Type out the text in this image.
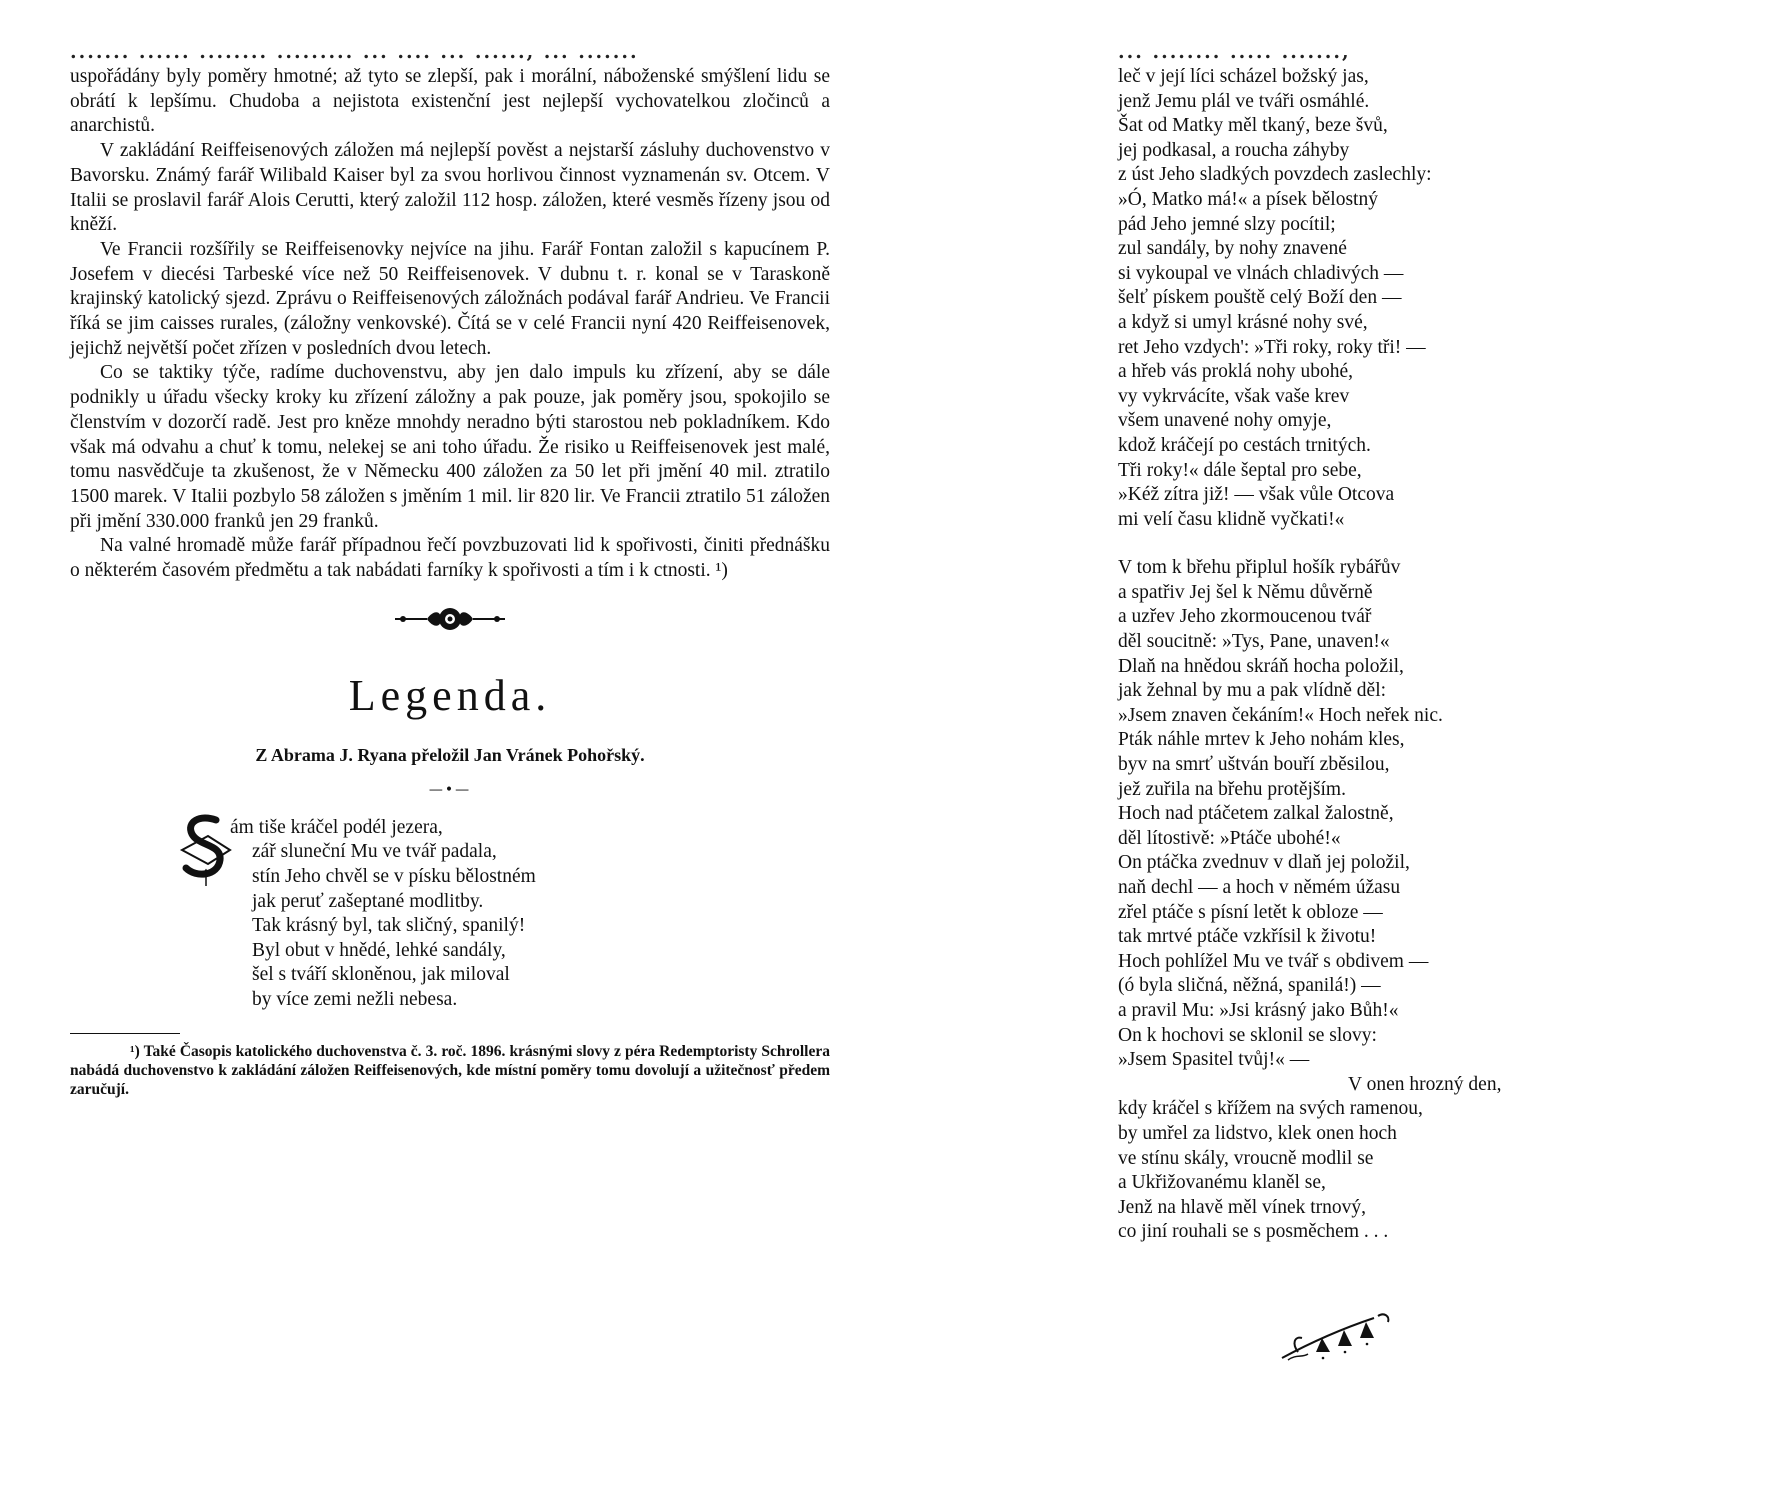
....... ...... ........ ......... ... .... ... ......, ... .......

uspořádány byly poměry hmotné; až tyto se zlepší, pak i morální, náboženské smýšlení lidu se obrátí k lepšímu. Chudoba a nejistota existenční jest nejlepší vychovatelkou zločinců a anarchistů.

V zakládání Reiffeisenových záložen má nejlepší pověst a nejstarší zásluhy duchovenstvo v Bavorsku. Známý farář Wilibald Kaiser byl za svou horlivou činnost vyznamenán sv. Otcem. V Italii se proslavil farář Alois Cerutti, který založil 112 hosp. záložen, které vesměs řízeny jsou od kněží.

Ve Francii rozšířily se Reiffeisenovky nejvíce na jihu. Farář Fontan založil s kapucínem P. Josefem v diecési Tarbeské více než 50 Reiffeisenovek. V dubnu t. r. konal se v Taraskoně krajinský katolický sjezd. Zprávu o Reiffeisenových záložnách podával farář Andrieu. Ve Francii říká se jim caisses rurales, (záložny venkovské). Čítá se v celé Francii nyní 420 Reiffeisenovek, jejichž největší počet zřízen v posledních dvou letech.

Co se taktiky týče, radíme duchovenstvu, aby jen dalo impuls ku zřízení, aby se dále podnikly u úřadu všecky kroky ku zřízení záložny a pak pouze, jak poměry jsou, spokojilo se členstvím v dozorčí radě. Jest pro kněze mnohdy neradno býti starostou neb pokladníkem. Kdo však má odvahu a chuť k tomu, nelekej se ani toho úřadu. Že risiko u Reiffeisenovek jest malé, tomu nasvědčuje ta zkušenost, že v Německu 400 záložen za 50 let při jmění 40 mil. ztratilo 1500 marek. V Italii pozbylo 58 záložen s jměním 1 mil. lir 820 lir. Ve Francii ztratilo 51 záložen při jmění 330.000 franků jen 29 franků.

Na valné hromadě může farář případnou řečí povzbuzovati lid k spořivosti, činiti přednášku o některém časovém předmětu a tak nabádati farníky k spořivosti a tím i k ctnosti. ¹)

Legenda.

Z Abrama J. Ryana přeložil Jan Vránek Pohořský.

—•—

ám tiše kráčel podél jezera,
zář sluneční Mu ve tvář padala,
stín Jeho chvěl se v písku bělostném
jak peruť zašeptané modlitby.
Tak krásný byl, tak sličný, spanilý!
Byl obut v hnědé, lehké sandály,
šel s tváří skloněnou, jak miloval
by více zemi nežli nebesa.

¹) Také Časopis katolického duchovenstva č. 3. roč. 1896. krásnými slovy z péra Redemptoristy Schrollera nabádá duchovenstvo k zakládání záložen Reiffeisenových, kde místní poměry tomu dovolují a užitečnosť předem zaručují.

... ........ ..... .......,
leč v její líci scházel božský jas,
jenž Jemu plál ve tváři osmáhlé.
Šat od Matky měl tkaný, beze švů,
jej podkasal, a roucha záhyby
z úst Jeho sladkých povzdech zaslechly:
»Ó, Matko má!« a písek bělostný
pád Jeho jemné slzy pocítil;
zul sandály, by nohy znavené
si vykoupal ve vlnách chladivých —
šelť pískem pouště celý Boží den —
a když si umyl krásné nohy své,
ret Jeho vzdych': »Tři roky, roky tři! —
a hřeb vás proklá nohy ubohé,
vy vykrvácíte, však vaše krev
všem unavené nohy omyje,
kdož kráčejí po cestách trnitých.
Tři roky!« dále šeptal pro sebe,
»Kéž zítra již! — však vůle Otcova
mi velí času klidně vyčkati!«
V tom k břehu připlul hošík rybářův
a spatřiv Jej šel k Němu důvěrně
a uzřev Jeho zkormoucenou tvář
děl soucitně: »Tys, Pane, unaven!«
Dlaň na hnědou skráň hocha položil,
jak žehnal by mu a pak vlídně děl:
»Jsem znaven čekáním!« Hoch neřek nic.
Pták náhle mrtev k Jeho nohám kles,
byv na smrť uštván bouří zběsilou,
jež zuřila na břehu protějším.
Hoch nad ptáčetem zalkal žalostně,
děl lítostivě: »Ptáče ubohé!«
On ptáčka zvednuv v dlaň jej položil,
naň dechl — a hoch v němém úžasu
zřel ptáče s písní letět k obloze —
tak mrtvé ptáče vzkřísil k životu!
Hoch pohlížel Mu ve tvář s obdivem —
(ó byla sličná, něžná, spanilá!) —
a pravil Mu: »Jsi krásný jako Bůh!«
On k hochovi se sklonil se slovy:
»Jsem Spasitel tvůj!« —
V onen hrozný den,
kdy kráčel s křížem na svých ramenou,
by umřel za lidstvo, klek onen hoch
ve stínu skály, vroucně modlil se
a Ukřižovanému klaněl se,
Jenž na hlavě měl vínek trnový,
co jiní rouhali se s posměchem . . .
